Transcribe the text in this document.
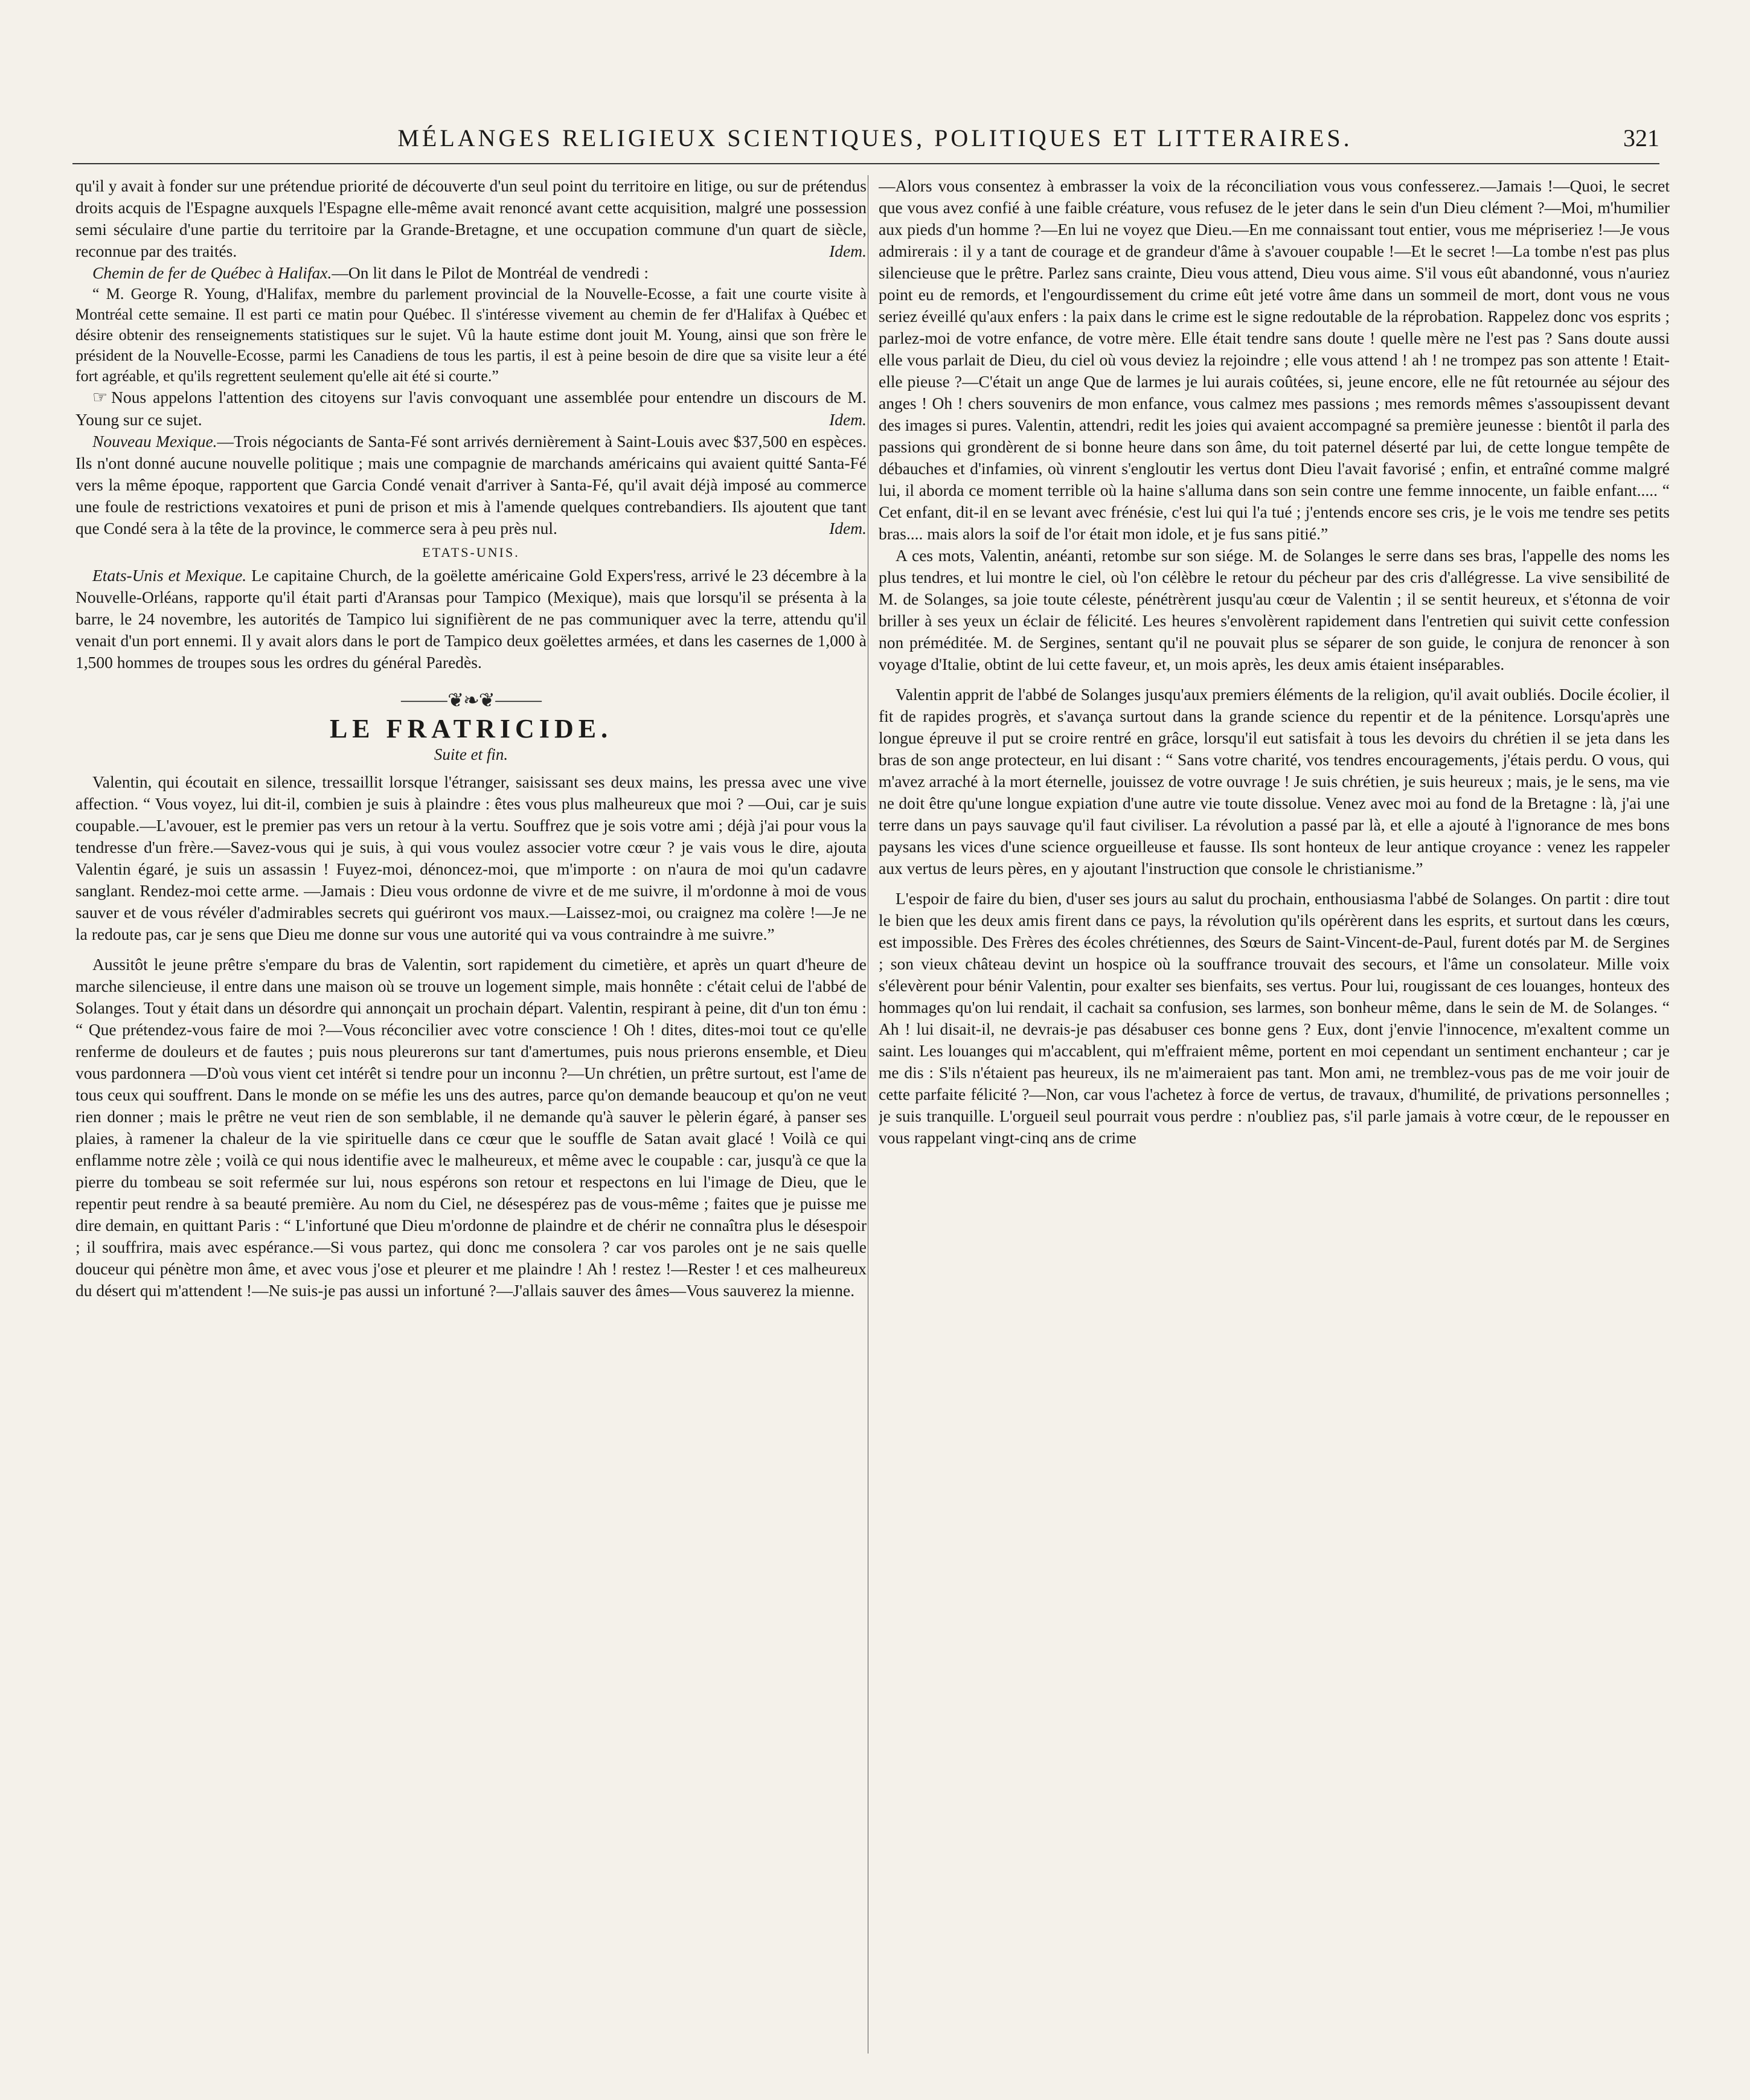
MÉLANGES RELIGIEUX SCIENTIQUES, POLITIQUES ET LITTERAIRES.	321

qu'il y avait à fonder sur une prétendue priorité de découverte d'un seul point du territoire en litige, ou sur de prétendus droits acquis de l'Espagne auxquels l'Espagne elle-même avait renoncé avant cette acquisition, malgré une possession semi séculaire d'une partie du territoire par la Grande-Bretagne, et une occupation commune d'un quart de siècle, reconnue par des traités.	Idem.

Chemin de fer de Québec à Halifax.—On lit dans le Pilot de Montréal de vendredi :

“ M. George R. Young, d'Halifax, membre du parlement provincial de la Nouvelle-Ecosse, a fait une courte visite à Montréal cette semaine. Il est parti ce matin pour Québec. Il s'intéresse vivement au chemin de fer d'Halifax à Québec et désire obtenir des renseignements statistiques sur le sujet. Vû la haute estime dont jouit M. Young, ainsi que son frère le président de la Nouvelle-Ecosse, parmi les Canadiens de tous les partis, il est à peine besoin de dire que sa visite leur a été fort agréable, et qu'ils regrettent seulement qu'elle ait été si courte.”

☞ Nous appelons l'attention des citoyens sur l'avis convoquant une assemblée pour entendre un discours de M. Young sur ce sujet.	Idem.

Nouveau Mexique.—Trois négociants de Santa-Fé sont arrivés dernièrement à Saint-Louis avec $37,500 en espèces. Ils n'ont donné aucune nouvelle politique ; mais une compagnie de marchands américains qui avaient quitté Santa-Fé vers la même époque, rapportent que Garcia Condé venait d'arriver à Santa-Fé, qu'il avait déjà imposé au commerce une foule de restrictions vexatoires et puni de prison et mis à l'amende quelques contrebandiers. Ils ajoutent que tant que Condé sera à la tête de la province, le commerce sera à peu près nul.	Idem.

ETATS-UNIS.

Etats-Unis et Mexique. Le capitaine Church, de la goëlette américaine Gold Expers'ress, arrivé le 23 décembre à la Nouvelle-Orléans, rapporte qu'il était parti d'Aransas pour Tampico (Mexique), mais que lorsqu'il se présenta à la barre, le 24 novembre, les autorités de Tampico lui signifièrent de ne pas communiquer avec la terre, attendu qu'il venait d'un port ennemi. Il y avait alors dans le port de Tampico deux goëlettes armées, et dans les casernes de 1,000 à 1,500 hommes de troupes sous les ordres du général Paredès.

⸻❦❧❦⸻
LE FRATRICIDE.
Suite et fin.

Valentin, qui écoutait en silence, tressaillit lorsque l'étranger, saisissant ses deux mains, les pressa avec une vive affection. “ Vous voyez, lui dit-il, combien je suis à plaindre : êtes vous plus malheureux que moi ? —Oui, car je suis coupable.—L'avouer, est le premier pas vers un retour à la vertu. Souffrez que je sois votre ami ; déjà j'ai pour vous la tendresse d'un frère.—Savez-vous qui je suis, à qui vous voulez associer votre cœur ? je vais vous le dire, ajouta Valentin égaré, je suis un assassin ! Fuyez-moi, dénoncez-moi, que m'importe : on n'aura de moi qu'un cadavre sanglant. Rendez-moi cette arme. —Jamais : Dieu vous ordonne de vivre et de me suivre, il m'ordonne à moi de vous sauver et de vous révéler d'admirables secrets qui guériront vos maux.—Laissez-moi, ou craignez ma colère !—Je ne la redoute pas, car je sens que Dieu me donne sur vous une autorité qui va vous contraindre à me suivre.”

Aussitôt le jeune prêtre s'empare du bras de Valentin, sort rapidement du cimetière, et après un quart d'heure de marche silencieuse, il entre dans une maison où se trouve un logement simple, mais honnête : c'était celui de l'abbé de Solanges. Tout y était dans un désordre qui annonçait un prochain départ. Valentin, respirant à peine, dit d'un ton ému : “ Que prétendez-vous faire de moi ?—Vous réconcilier avec votre conscience ! Oh ! dites, dites-moi tout ce qu'elle renferme de douleurs et de fautes ; puis nous pleurerons sur tant d'amertumes, puis nous prierons ensemble, et Dieu vous pardonnera —D'où vous vient cet intérêt si tendre pour un inconnu ?—Un chrétien, un prêtre surtout, est l'ame de tous ceux qui souffrent. Dans le monde on se méfie les uns des autres, parce qu'on demande beaucoup et qu'on ne veut rien donner ; mais le prêtre ne veut rien de son semblable, il ne demande qu'à sauver le pèlerin égaré, à panser ses plaies, à ramener la chaleur de la vie spirituelle dans ce cœur que le souffle de Satan avait glacé ! Voilà ce qui enflamme notre zèle ; voilà ce qui nous identifie avec le malheureux, et même avec le coupable : car, jusqu'à ce que la pierre du tombeau se soit refermée sur lui, nous espérons son retour et respectons en lui l'image de Dieu, que le repentir peut rendre à sa beauté première. Au nom du Ciel, ne désespérez pas de vous-même ; faites que je puisse me dire demain, en quittant Paris : “ L'infortuné que Dieu m'ordonne de plaindre et de chérir ne connaîtra plus le désespoir ; il souffrira, mais avec espérance.—Si vous partez, qui donc me consolera ? car vos paroles ont je ne sais quelle douceur qui pénètre mon âme, et avec vous j'ose et pleurer et me plaindre ! Ah ! restez !—Rester ! et ces malheureux du désert qui m'attendent !—Ne suis-je pas aussi un infortuné ?—J'allais sauver des âmes—Vous sauverez la mienne.

—Alors vous consentez à embrasser la voix de la réconciliation vous vous confesserez.—Jamais !—Quoi, le secret que vous avez confié à une faible créature, vous refusez de le jeter dans le sein d'un Dieu clément ?—Moi, m'humilier aux pieds d'un homme ?—En lui ne voyez que Dieu.—En me connaissant tout entier, vous me mépriseriez !—Je vous admirerais : il y a tant de courage et de grandeur d'âme à s'avouer coupable !—Et le secret !—La tombe n'est pas plus silencieuse que le prêtre. Parlez sans crainte, Dieu vous attend, Dieu vous aime. S'il vous eût abandonné, vous n'auriez point eu de remords, et l'engourdissement du crime eût jeté votre âme dans un sommeil de mort, dont vous ne vous seriez éveillé qu'aux enfers : la paix dans le crime est le signe redoutable de la réprobation. Rappelez donc vos esprits ; parlez-moi de votre enfance, de votre mère. Elle était tendre sans doute ! quelle mère ne l'est pas ? Sans doute aussi elle vous parlait de Dieu, du ciel où vous deviez la rejoindre ; elle vous attend ! ah ! ne trompez pas son attente ! Etait-elle pieuse ?—C'était un ange Que de larmes je lui aurais coûtées, si, jeune encore, elle ne fût retournée au séjour des anges ! Oh ! chers souvenirs de mon enfance, vous calmez mes passions ; mes remords mêmes s'assoupissent devant des images si pures. Valentin, attendri, redit les joies qui avaient accompagné sa première jeunesse : bientôt il parla des passions qui grondèrent de si bonne heure dans son âme, du toit paternel déserté par lui, de cette longue tempête de débauches et d'infamies, où vinrent s'engloutir les vertus dont Dieu l'avait favorisé ; enfin, et entraîné comme malgré lui, il aborda ce moment terrible où la haine s'alluma dans son sein contre une femme innocente, un faible enfant..... “ Cet enfant, dit-il en se levant avec frénésie, c'est lui qui l'a tué ; j'entends encore ses cris, je le vois me tendre ses petits bras.... mais alors la soif de l'or était mon idole, et je fus sans pitié.”

A ces mots, Valentin, anéanti, retombe sur son siége. M. de Solanges le serre dans ses bras, l'appelle des noms les plus tendres, et lui montre le ciel, où l'on célèbre le retour du pécheur par des cris d'allégresse. La vive sensibilité de M. de Solanges, sa joie toute céleste, pénétrèrent jusqu'au cœur de Valentin ; il se sentit heureux, et s'étonna de voir briller à ses yeux un éclair de félicité. Les heures s'envolèrent rapidement dans l'entretien qui suivit cette confession non préméditée. M. de Sergines, sentant qu'il ne pouvait plus se séparer de son guide, le conjura de renoncer à son voyage d'Italie, obtint de lui cette faveur, et, un mois après, les deux amis étaient inséparables.

Valentin apprit de l'abbé de Solanges jusqu'aux premiers éléments de la religion, qu'il avait oubliés. Docile écolier, il fit de rapides progrès, et s'avança surtout dans la grande science du repentir et de la pénitence. Lorsqu'après une longue épreuve il put se croire rentré en grâce, lorsqu'il eut satisfait à tous les devoirs du chrétien il se jeta dans les bras de son ange protecteur, en lui disant : “ Sans votre charité, vos tendres encouragements, j'étais perdu. O vous, qui m'avez arraché à la mort éternelle, jouissez de votre ouvrage ! Je suis chrétien, je suis heureux ; mais, je le sens, ma vie ne doit être qu'une longue expiation d'une autre vie toute dissolue. Venez avec moi au fond de la Bretagne : là, j'ai une terre dans un pays sauvage qu'il faut civiliser. La révolution a passé par là, et elle a ajouté à l'ignorance de mes bons paysans les vices d'une science orgueilleuse et fausse. Ils sont honteux de leur antique croyance : venez les rappeler aux vertus de leurs pères, en y ajoutant l'instruction que console le christianisme.”

L'espoir de faire du bien, d'user ses jours au salut du prochain, enthousiasma l'abbé de Solanges. On partit : dire tout le bien que les deux amis firent dans ce pays, la révolution qu'ils opérèrent dans les esprits, et surtout dans les cœurs, est impossible. Des Frères des écoles chrétiennes, des Sœurs de Saint-Vincent-de-Paul, furent dotés par M. de Sergines ; son vieux château devint un hospice où la souffrance trouvait des secours, et l'âme un consolateur. Mille voix s'élevèrent pour bénir Valentin, pour exalter ses bienfaits, ses vertus. Pour lui, rougissant de ces louanges, honteux des hommages qu'on lui rendait, il cachait sa confusion, ses larmes, son bonheur même, dans le sein de M. de Solanges. “ Ah ! lui disait-il, ne devrais-je pas désabuser ces bonne gens ? Eux, dont j'envie l'innocence, m'exaltent comme un saint. Les louanges qui m'accablent, qui m'effraient même, portent en moi cependant un sentiment enchanteur ; car je me dis : S'ils n'étaient pas heureux, ils ne m'aimeraient pas tant. Mon ami, ne tremblez-vous pas de me voir jouir de cette parfaite félicité ?—Non, car vous l'achetez à force de vertus, de travaux, d'humilité, de privations personnelles ; je suis tranquille. L'orgueil seul pourrait vous perdre : n'oubliez pas, s'il parle jamais à votre cœur, de le repousser en vous rappelant vingt-cinq ans de crime
